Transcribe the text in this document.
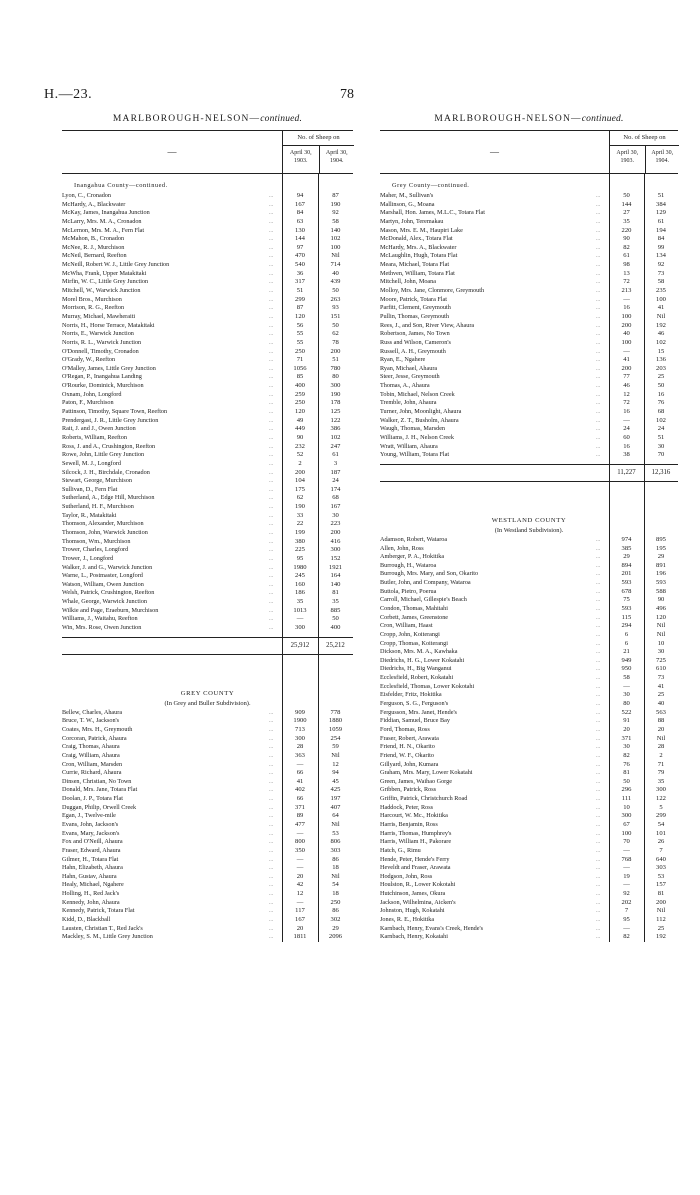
H.—23.	78
MARLBOROUGH-NELSON—continued.
—
No. of Sheep on
April 30, 1903.
April 30, 1904.
Inangahua County—continued.
Lyon, C., Cronadon	...	94	87
McHardy, A., Blackwater	...	167	190
McKay, James, Inangahua Junction	...	84	92
McLarry, Mrs. M. A., Cronadon	...	63	58
McLernon, Mrs. M. A., Fern Flat	...	130	140
McMahon, B., Cronadon	...	144	102
McNee, R. J., Murchison	...	97	100
McNeil, Bernard, Reefton	...	470	Nil
McNeill, Robert W. J., Little Grey Junction	...	540	714
McWha, Frank, Upper Matakitaki	...	36	40
Mirfin, W. C., Little Grey Junction	...	317	439
Mitchell, W., Warwick Junction	...	51	50
Morel Bros., Murchison	...	299	263
Morrison, R. G., Reefton	...	87	93
Murray, Michael, Mawheraiti	...	120	151
Norris, H., Horse Terrace, Matakitaki	...	56	50
Norris, E., Warwick Junction	...	55	62
Norris, R. L., Warwick Junction	...	55	78
O'Donnell, Timothy, Cronadon	...	250	200
O'Grady, W., Reefton	...	71	51
O'Malley, James, Little Grey Junction	...	1056	780
O'Regan, P., Inangahua Landing	...	85	80
O'Rourke, Dominick, Murchison	...	400	300
Oxnam, John, Longford	...	259	190
Paton, F., Murchison	...	250	178
Pattinson, Timothy, Square Town, Reefton	...	120	125
Prendergast, J. R., Little Grey Junction	...	49	122
Rait, J. and J., Owen Junction	...	449	386
Roberts, William, Reefton	...	90	102
Ross, J. and A., Crushington, Reefton	...	232	247
Rowe, John, Little Grey Junction	...	52	61
Sewell, M. J., Longford	...	2	3
Silcock, J. H., Birchdale, Cronadon	...	200	187
Stewart, George, Murchison	...	104	24
Sullivan, D., Fern Flat	...	175	174
Sutherland, A., Edge Hill, Murchison	...	62	68
Sutherland, H. F., Murchison	...	190	167
Taylor, R., Matakitaki	...	33	30
Thomson, Alexander, Murchison	...	22	223
Thomson, John, Warwick Junction	...	199	200
Thomson, Wm., Murchison	...	380	416
Trower, Charles, Longford	...	225	300
Trower, J., Longford	...	95	152
Walker, J. and G., Warwick Junction	...	1980	1921
Warne, L., Postmaster, Longford	...	245	164
Watson, William, Owen Junction	...	160	140
Welsh, Patrick, Crushington, Reefton	...	186	81
Whale, George, Warwick Junction	...	35	35
Wilkie and Page, Eraeburn, Murchison	...	1013	885
Williams, J., Waitahu, Reefton	...	—	50
Win, Mrs. Rose, Owen Junction	...	300	400
25,912	25,212
GREY COUNTY
(In Grey and Buller Subdivision).
Bellew, Charles, Ahaura	...	909	778
Bruce, T. W., Jackson's	...	1900	1880
Coates, Mrs. H., Greymouth	...	713	1059
Corcoran, Patrick, Ahaura	...	300	254
Craig, Thomas, Ahaura	...	28	59
Craig, William, Ahaura	...	363	Nil
Cron, William, Marsden	...	—	12
Currie, Richard, Ahaura	...	66	94
Dinsen, Christian, No Town	...	41	45
Donald, Mrs. Jane, Totara Flat	...	402	425
Doolan, J. P., Totara Flat	...	66	197
Duggan, Philip, Orwell Creek	...	371	407
Egan, J., Twelve-mile	...	89	64
Evans, John, Jackson's	...	477	Nil
Evans, Mary, Jackson's	...	—	53
Fox and O'Neill, Ahaura	...	800	806
Fraser, Edward, Ahaura	...	350	303
Gilmer, H., Totara Flat	...	—	86
Hahn, Elizabeth, Ahaura	...	—	18
Hahn, Gustav, Ahaura	...	20	Nil
Healy, Michael, Ngahere	...	42	54
Holling, H., Red Jack's	...	12	18
Kennedy, John, Ahaura	...	—	250
Kennedy, Patrick, Totara Flat	...	117	86
Kidd, D., Blackball	...	167	302
Lausten, Christian T., Red Jack's	...	20	29
Mackley, S. M., Little Grey Junction	...	1811	2096
MARLBOROUGH-NELSON—continued.
—
No. of Sheep on
April 30, 1903.
April 30, 1904.
Grey County—continued.
Maher, M., Sullivan's	...	50	51
Mallinson, G., Moana	...	144	384
Marshall, Hon. James, M.L.C., Totara Flat	...	27	129
Martyn, John, Teremakau	...	35	61
Mason, Mrs. E. M., Haupiri Lake	...	220	194
McDonald, Alex., Totara Flat	...	90	84
McHardy, Mrs. A., Blackwater	...	82	99
McLaughlin, Hugh, Totara Flat	...	61	134
Meara, Michael, Totara Flat	...	98	92
Methven, William, Totara Flat	...	13	73
Mitchell, John, Moana	...	72	58
Molloy, Mrs. Jane, Clonmore, Greymouth	...	213	235
Moore, Patrick, Totara Flat	...	—	100
Parfitt, Clement, Greymouth	...	16	41
Pullin, Thomas, Greymouth	...	100	Nil
Rees, J., and Son, River View, Ahaura	...	200	192
Robertson, James, No Town	...	40	46
Russ and Wilson, Cameron's	...	100	102
Russell, A. H., Greymouth	...	—	15
Ryan, E., Ngahere	...	41	136
Ryan, Michael, Ahaura	...	200	203
Steer, Jesse, Greymouth	...	77	25
Thomas, A., Ahaura	...	46	50
Tobin, Michael, Nelson Creek	...	12	16
Tremble, John, Ahaura	...	72	76
Turner, John, Moonlight, Ahaura	...	16	68
Walker, Z. T., Busholm, Ahaura	...	—	102
Waugh, Thomas, Marsden	...	24	24
Williams, J. H., Nelson Creek	...	60	51
Wratt, William, Ahaura	...	16	30
Young, William, Totara Flat	...	38	70
11,227	12,316
WESTLAND COUNTY
(In Westland Subdivision).
Adamson, Robert, Wataroa	...	974	895
Allen, John, Ross	...	385	195
Amberger, P. A., Hokitika	...	29	29
Burrough, H., Wataroa	...	894	891
Burrough, Mrs. Mary, and Son, Okarito	...	201	196
Butler, John, and Company, Wataroa	...	593	593
Buttola, Pietro, Poerua	...	678	588
Carroll, Michael, Gillespie's Beach	...	75	90
Condon, Thomas, Mahitahi	...	593	496
Corbett, James, Greenstone	...	115	120
Cron, William, Haast	...	294	Nil
Cropp, John, Koiterangi	...	6	Nil
Cropp, Thomas, Koiterangi	...	6	10
Dickson, Mrs. M. A., Kawhaka	...	21	30
Diedrichs, H. G., Lower Kokatahi	...	949	725
Diedrichs, H., Big Wanganui	...	950	610
Ecclesfield, Robert, Kokatahi	...	58	73
Ecclesfield, Thomas, Lower Kokotahi	...	—	41
Eisfelder, Fritz, Hokitika	...	30	25
Ferguson, S. G., Ferguson's	...	80	40
Fergusson, Mrs. Janet, Hende's	...	522	563
Fiddian, Samuel, Bruce Bay	...	91	88
Ford, Thomas, Ross	...	20	20
Fraser, Robert, Arawata	...	371	Nil
Friend, H. N., Okarito	...	30	28
Friend, W. F., Okarito	...	82	2
Gillyard, John, Kumara	...	76	71
Graham, Mrs. Mary, Lower Kokatahi	...	81	79
Green, James, Waihao Gorge	...	50	35
Gribben, Patrick, Ross	...	296	300
Griffin, Patrick, Christchurch Road	...	111	122
Haddock, Peter, Ross	...	10	5
Harcourt, W. Mc., Hokitika	...	300	299
Harris, Benjamin, Ross	...	67	54
Harris, Thomas, Humphrey's	...	100	101
Harris, William H., Pakorare	...	70	26
Hatch, G., Rimu	...	—	7
Hende, Peter, Hende's Ferry	...	768	640
Heveldt and Fraser, Arawata	...	—	303
Hodgson, John, Ross	...	19	53
Houlston, R., Lower Kokotahi	...	—	157
Hutchinson, James, Okura	...	92	81
Jackson, Wilhelmina, Aicken's	...	202	200
Johnston, Hugh, Kokatahi	...	7	Nil
Jones, R. E., Hokitika	...	95	112
Karnbach, Henry, Evans's Creek, Hende's	...	—	25
Karnbach, Henry, Kokatahi	...	82	192
